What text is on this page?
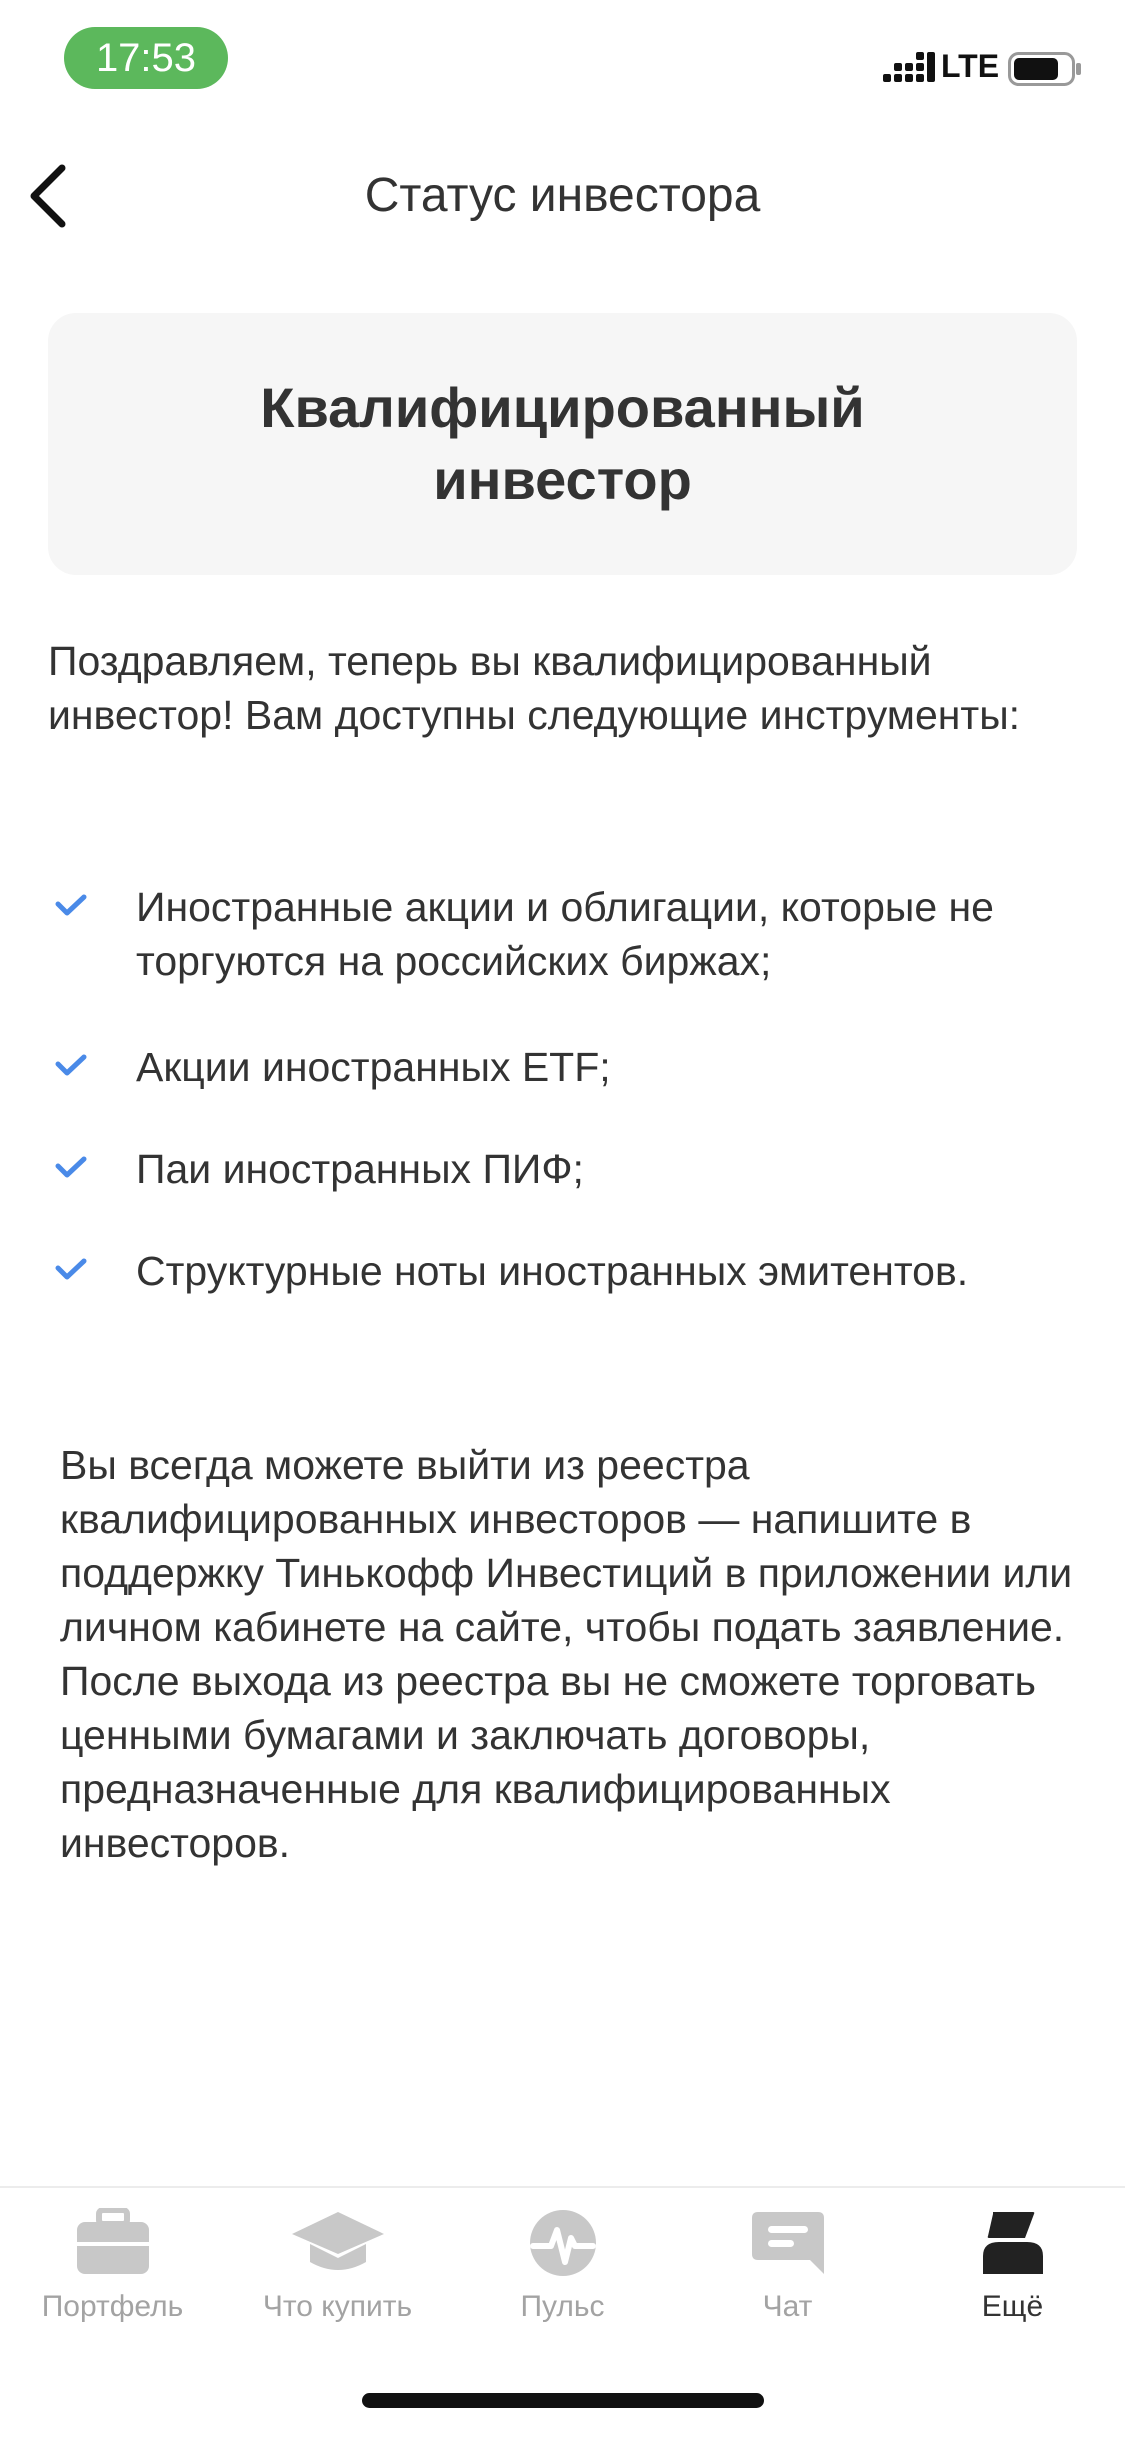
17:53	LTE
Статус инвестора
Квалифицированный инвестор
Поздравляем, теперь вы квалифицированный инвестор! Вам доступны следующие инструменты:
Иностранные акции и облигации, которые не торгуются на российских биржах;
Акции иностранных ETF;
Паи иностранных ПИФ;
Структурные ноты иностранных эмитентов.
Вы всегда можете выйти из реестра квалифицированных инвесторов — напишите в поддержку Тинькофф Инвестиций в приложении или личном кабинете на сайте, чтобы подать заявление. После выхода из реестра вы не сможете торговать ценными бумагами и заключать договоры, предназначенные для квалифицированных инвесторов.
Портфель	Что купить	Пульс	Чат	Ещё
